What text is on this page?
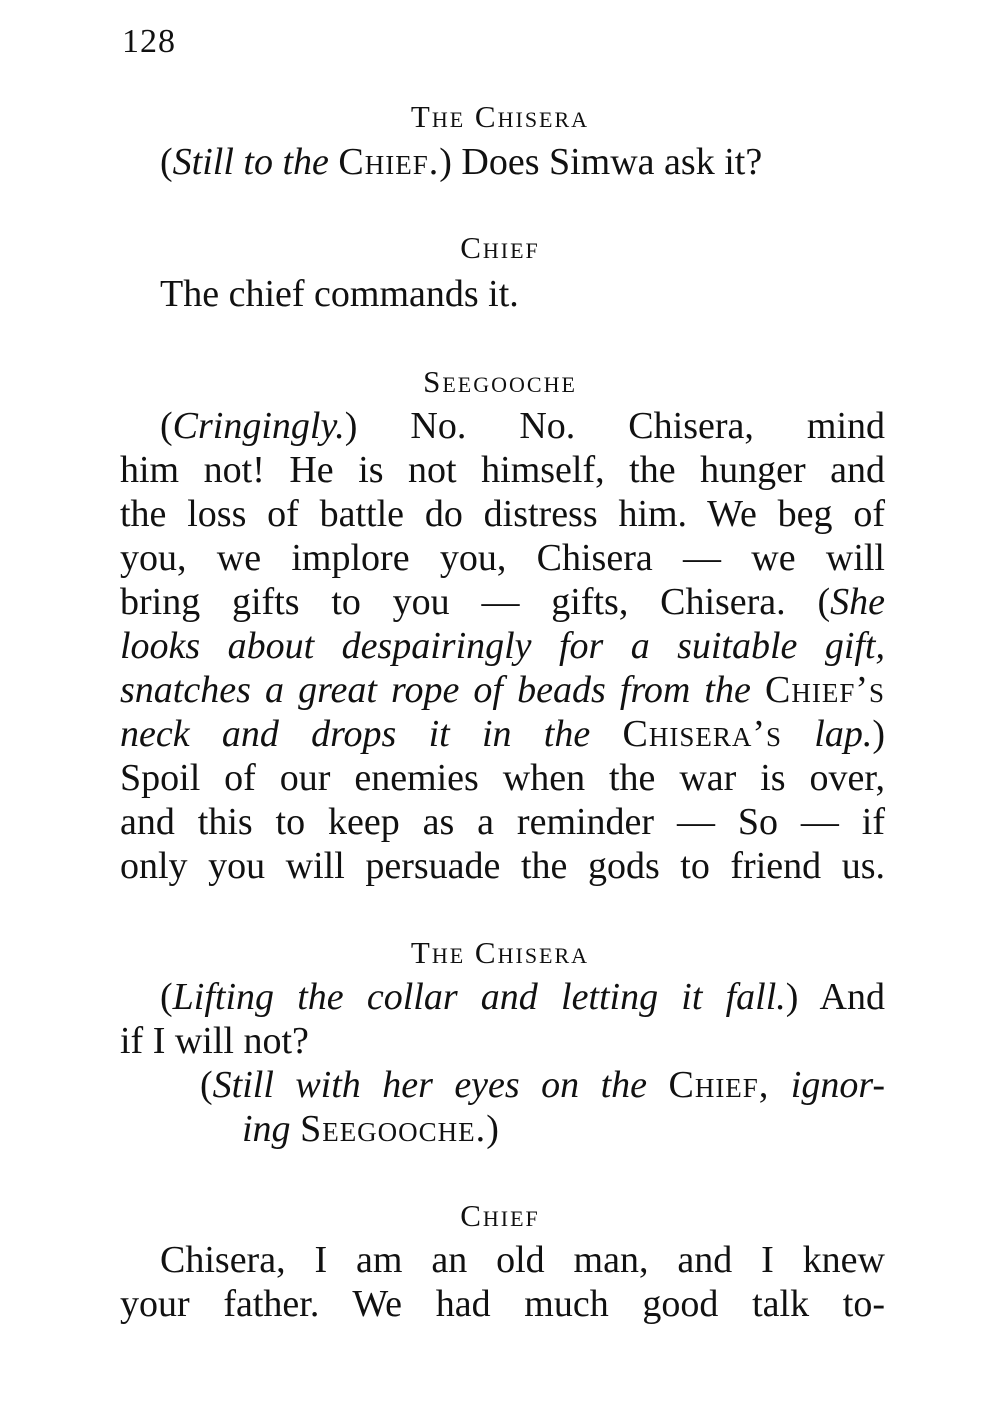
128
The Chisera
(Still to the Chief.) Does Simwa ask it?
Chief
The chief commands it.
Seegooche
(Cringingly.) No. No. Chisera, mind
him not! He is not himself, the hunger and
the loss of battle do distress him. We beg of
you, we implore you, Chisera — we will
bring gifts to you — gifts, Chisera. (She
looks about despairingly for a suitable gift,
snatches a great rope of beads from the Chief’s
neck and drops it in the Chisera’s lap.)
Spoil of our enemies when the war is over,
and this to keep as a reminder — So — if
only you will persuade the gods to friend us.
The Chisera
(Lifting the collar and letting it fall.) And
if I will not?
(Still with her eyes on the Chief, ignor-
ing Seegooche.)
Chief
Chisera, I am an old man, and I knew
your father. We had much good talk to-
